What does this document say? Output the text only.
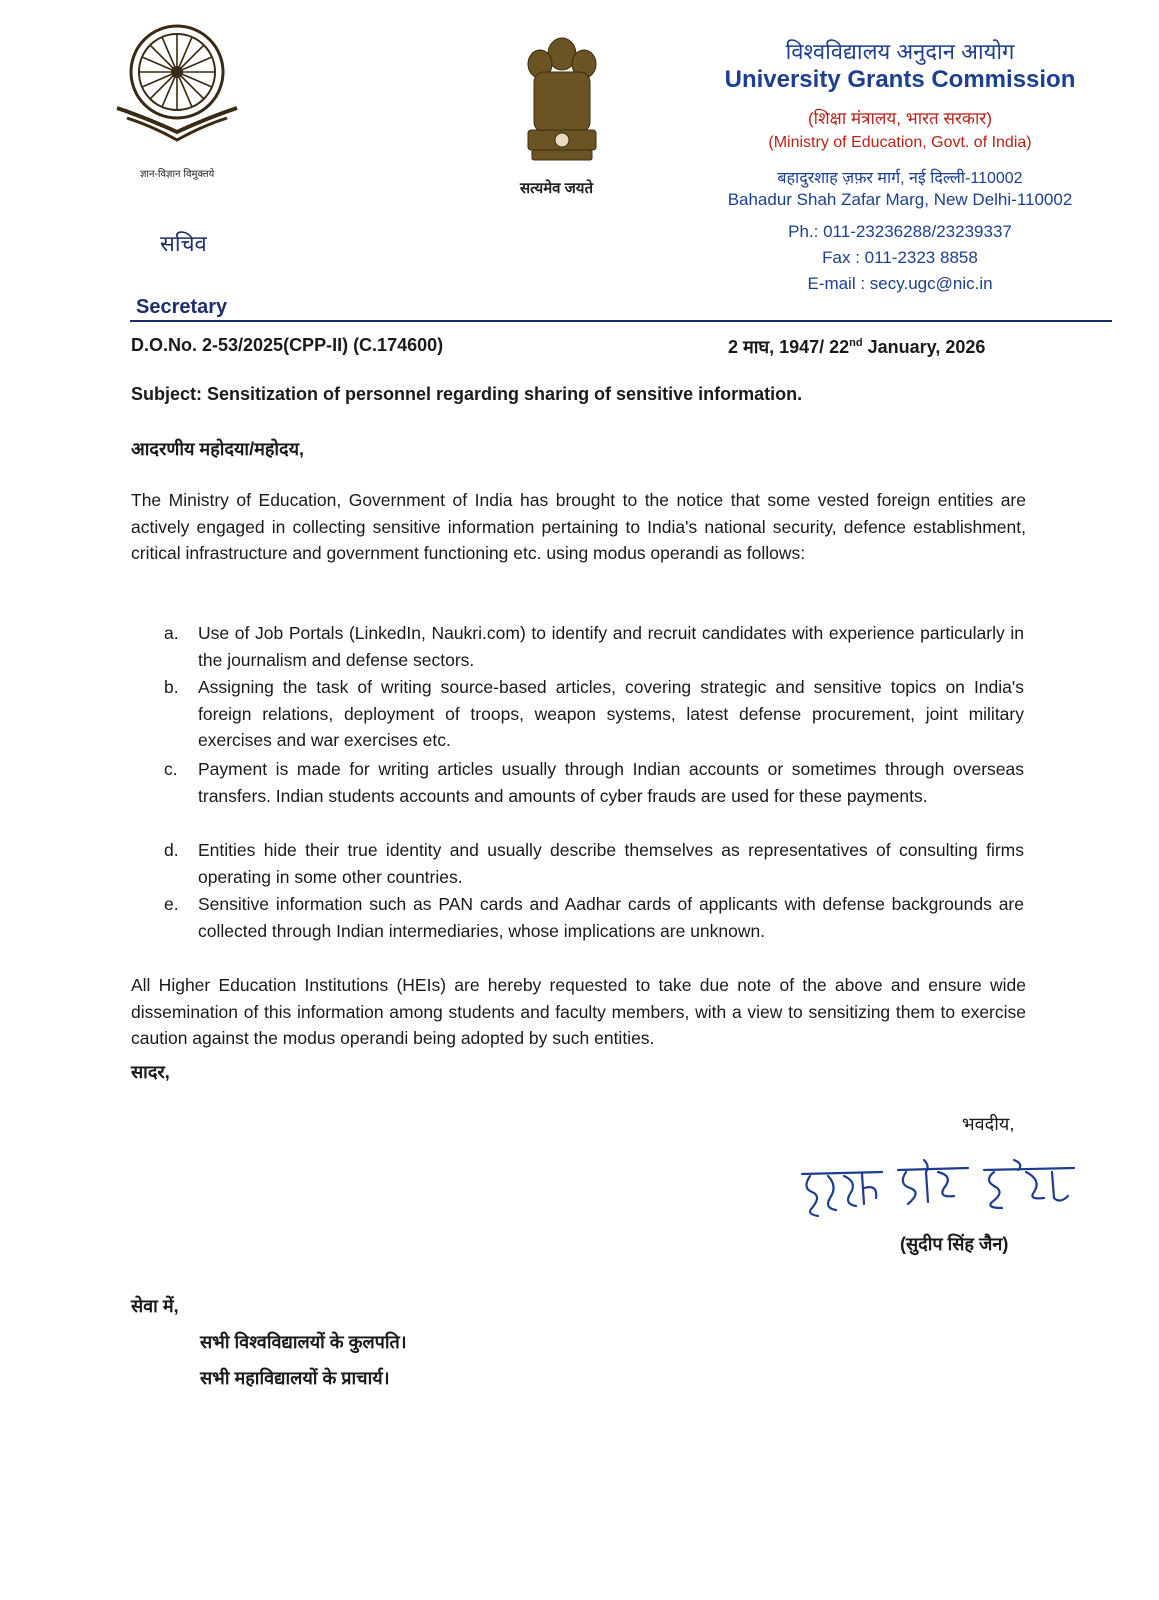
ज्ञान-विज्ञान विमुक्तये
सत्यमेव जयते
विश्वविद्यालय अनुदान आयोग
University Grants Commission
(शिक्षा मंत्रालय, भारत सरकार)
(Ministry of Education, Govt. of India)
बहादुरशाह ज़फ़र मार्ग, नई दिल्ली-110002
Bahadur Shah Zafar Marg, New Delhi-110002
Ph.: 011-23236288/23239337
Fax : 011-2323 8858
E-mail : secy.ugc@nic.in
सचिव
Secretary
D.O.No. 2-53/2025(CPP-II) (C.174600)	2 माघ, 1947/ 22nd January, 2026
Subject: Sensitization of personnel regarding sharing of sensitive information.
आदरणीय महोदया/महोदय,
The Ministry of Education, Government of India has brought to the notice that some vested foreign entities are actively engaged in collecting sensitive information pertaining to India's national security, defence establishment, critical infrastructure and government functioning etc. using modus operandi as follows:
a. Use of Job Portals (LinkedIn, Naukri.com) to identify and recruit candidates with experience particularly in the journalism and defense sectors.
b. Assigning the task of writing source-based articles, covering strategic and sensitive topics on India's foreign relations, deployment of troops, weapon systems, latest defense procurement, joint military exercises and war exercises etc.
c. Payment is made for writing articles usually through Indian accounts or sometimes through overseas transfers. Indian students accounts and amounts of cyber frauds are used for these payments.
d. Entities hide their true identity and usually describe themselves as representatives of consulting firms operating in some other countries.
e. Sensitive information such as PAN cards and Aadhar cards of applicants with defense backgrounds are collected through Indian intermediaries, whose implications are unknown.
All Higher Education Institutions (HEIs) are hereby requested to take due note of the above and ensure wide dissemination of this information among students and faculty members, with a view to sensitizing them to exercise caution against the modus operandi being adopted by such entities.
सादर,
भवदीय,
(सुदीप सिंह जैन)
सेवा में,
सभी विश्वविद्यालयों के कुलपति।
सभी महाविद्यालयों के प्राचार्य।
